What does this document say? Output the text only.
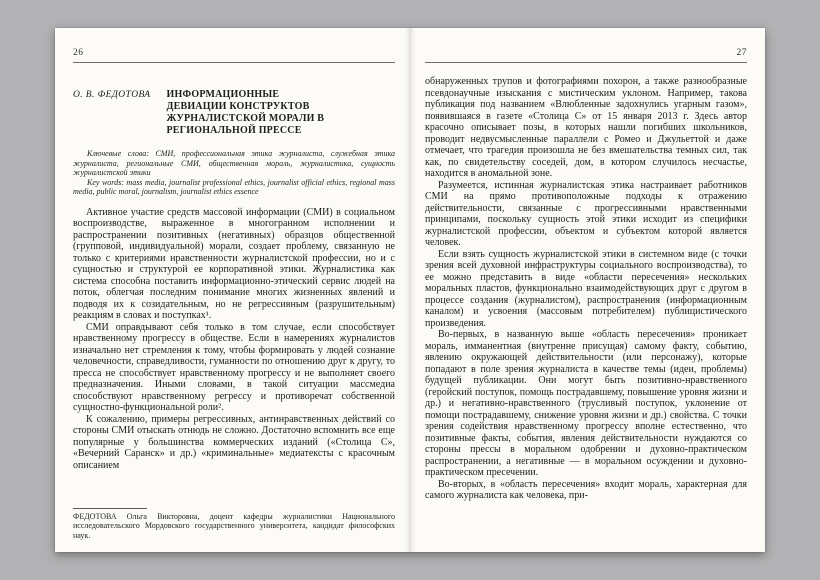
26
О. В. ФЕДОТОВА ИНФОРМАЦИОННЫЕ ДЕВИАЦИИ КОНСТРУКТОВ ЖУРНАЛИСТСКОЙ МОРАЛИ В РЕГИОНАЛЬНОЙ ПРЕССЕ

Ключевые слова: СМИ, профессиональная этика журналиста, служебная этика журналиста, региональные СМИ, общественная мораль, журналистика, сущность журналистской этики

Key words: mass media, journalist professional ethics, journalist official ethics, regional mass media, public moral, journalism, journalist ethics essence

Активное участие средств массовой информации (СМИ) в социальном воспроизводстве, выраженное в многогранном исполнении и распространении позитивных (негативных) образцов общественной (групповой, индивидуальной) морали, создает проблему, связанную не только с критериями нравственности журналистской профессии, но и с сущностью и структурой ее корпоративной этики. Журналистика как система способна поставить информационно-этический сервис людей на поток, облегчая последним понимание многих жизненных явлений и подводя их к созидательным, но не регрессивным (разрушительным) реакциям в словах и поступках¹.

СМИ оправдывают себя только в том случае, если способствует нравственному прогрессу в обществе. Если в намерениях журналистов изначально нет стремления к тому, чтобы формировать у людей сознание человечности, справедливости, гуманности по отношению друг к другу, то пресса не способствует нравственному прогрессу и не выполняет своего предназначения. Иными словами, в такой ситуации массмедиа способствуют нравственному регрессу и противоречат собственной сущностно-функциональной роли².

К сожалению, примеры регрессивных, антинравственных действий со стороны СМИ отыскать отнюдь не сложно. Достаточно вспомнить все еще популярные у большинства коммерческих изданий («Столица С», «Вечерний Саранск» и др.) «криминальные» медиатексты с красочным описанием

ФЕДОТОВА Ольга Викторовна, доцент кафедры журналистики Национального исследовательского Мордовского государственного университета, кандидат философских наук.

27

обнаруженных трупов и фотографиями похорон, а также разнообразные псевдонаучные изыскания с мистическим уклоном. Например, такова публикация под названием «Влюбленные задохнулись угарным газом», появившаяся в газете «Столица С» от 15 января 2013 г. Здесь автор красочно описывает позы, в которых нашли погибших школьников, проводит недвусмысленные параллели с Ромео и Джульеттой и даже отмечает, что трагедия произошла не без вмешательства темных сил, так как, по свидетельству соседей, дом, в котором случилось несчастье, находится в аномальной зоне.

Разумеется, истинная журналистская этика настраивает работников СМИ на прямо противоположные подходы к отражению действительности, связанные с прогрессивными нравственными принципами, поскольку сущность этой этики исходит из специфики журналистской профессии, объектом и субъектом которой является человек.

Если взять сущность журналистской этики в системном виде (с точки зрения всей духовной инфраструктуры социального воспроизводства), то ее можно представить в виде «области пересечения» нескольких моральных пластов, функционально взаимодействующих друг с другом в процессе создания (журналистом), распространения (информационным каналом) и усвоения (массовым потребителем) публицистического произведения.

Во-первых, в названную выше «область пересечения» проникает мораль, имманентная (внутренне присущая) самому факту, событию, явлению окружающей действительности (или персонажу), которые попадают в поле зрения журналиста в качестве темы (идеи, проблемы) будущей публикации. Они могут быть позитивно-нравственного (геройский поступок, помощь пострадавшему, повышение уровня жизни и др.) и негативно-нравственного (трусливый поступок, уклонение от помощи пострадавшему, снижение уровня жизни и др.) свойства. С точки зрения содействия нравственному прогрессу вполне естественно, что позитивные факты, события, явления действительности нуждаются со стороны прессы в моральном одобрении и духовно-практическом распространении, а негативные — в моральном осуждении и духовно-практическом пресечении.

Во-вторых, в «область пересечения» входит мораль, характерная для самого журналиста как человека, при-
